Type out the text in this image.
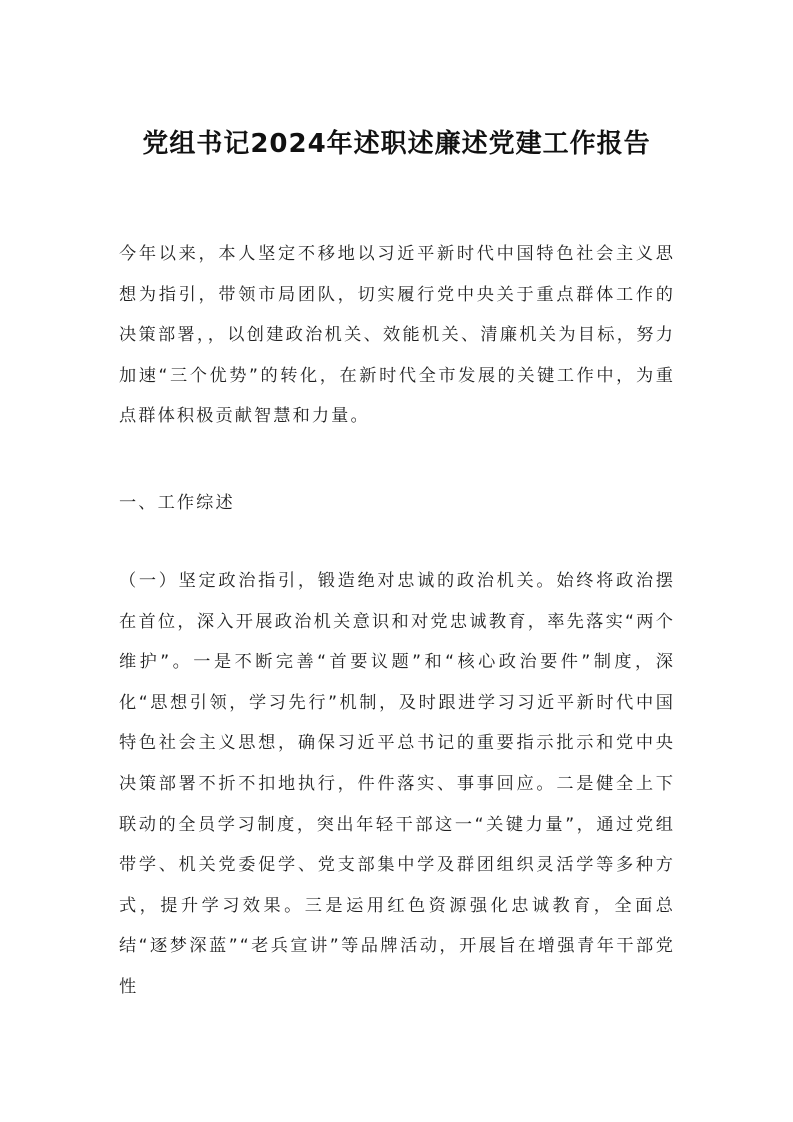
党组书记2024年述职述廉述党建工作报告

今年以来，本人坚定不移地以习近平新时代中国特色社会主义思想为指引，带领市局团队，切实履行党中央关于重点群体工作的决策部署，，以创建政治机关、效能机关、清廉机关为目标，努力加速“三个优势”的转化，在新时代全市发展的关键工作中，为重点群体积极贡献智慧和力量。

一、工作综述

（一）坚定政治指引，锻造绝对忠诚的政治机关。始终将政治摆在首位，深入开展政治机关意识和对党忠诚教育，率先落实“两个维护”。一是不断完善“首要议题”和“核心政治要件”制度，深化“思想引领，学习先行”机制，及时跟进学习习近平新时代中国特色社会主义思想，确保习近平总书记的重要指示批示和党中央决策部署不折不扣地执行，件件落实、事事回应。二是健全上下联动的全员学习制度，突出年轻干部这一“关键力量”，通过党组带学、机关党委促学、党支部集中学及群团组织灵活学等多种方式，提升学习效果。三是运用红色资源强化忠诚教育，全面总结“逐梦深蓝”“老兵宣讲”等品牌活动，开展旨在增强青年干部党性
